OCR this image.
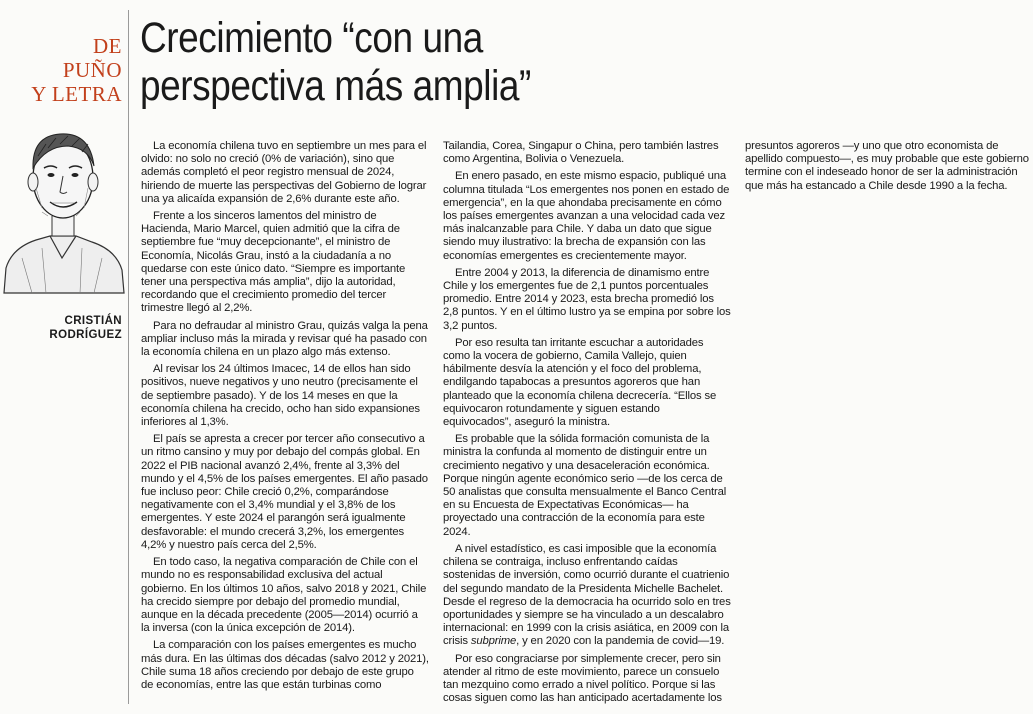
DE
PUÑO
Y LETRA
CRISTIÁN
RODRÍGUEZ
Crecimiento “con una
perspectiva más amplia”

La economía chilena tuvo en septiembre un mes para el olvido: no solo no creció (0% de variación), sino que además completó el peor registro mensual de 2024, hiriendo de muerte las perspectivas del Gobierno de lograr una ya alicaída expansión de 2,6% durante este año.

Frente a los sinceros lamentos del ministro de Hacienda, Mario Marcel, quien admitió que la cifra de septiembre fue “muy decepcionante”, el ministro de Economía, Nicolás Grau, instó a la ciudadanía a no quedarse con este único dato. “Siempre es importante tener una perspectiva más amplia”, dijo la autoridad, recordando que el crecimiento promedio del tercer trimestre llegó al 2,2%.

Para no defraudar al ministro Grau, quizás valga la pena ampliar incluso más la mirada y revisar qué ha pasado con la economía chilena en un plazo algo más extenso.

Al revisar los 24 últimos Imacec, 14 de ellos han sido positivos, nueve negativos y uno neutro (precisamente el de septiembre pasado). Y de los 14 meses en que la economía chilena ha crecido, ocho han sido expansiones inferiores al 1,3%.

El país se apresta a crecer por tercer año consecutivo a un ritmo cansino y muy por debajo del compás global. En 2022 el PIB nacional avanzó 2,4%, frente al 3,3% del mundo y el 4,5% de los países emergentes. El año pasado fue incluso peor: Chile creció 0,2%, comparándose negativamente con el 3,4% mundial y el 3,8% de los emergentes. Y este 2024 el parangón será igualmente desfavorable: el mundo crecerá 3,2%, los emergentes 4,2% y nuestro país cerca del 2,5%.

En todo caso, la negativa comparación de Chile con el mundo no es responsabilidad exclusiva del actual gobierno. En los últimos 10 años, salvo 2018 y 2021, Chile ha crecido siempre por debajo del promedio mundial, aunque en la década precedente (2005—2014) ocurrió a la inversa (con la única excepción de 2014).

La comparación con los países emergentes es mucho más dura. En las últimas dos décadas (salvo 2012 y 2021), Chile suma 18 años creciendo por debajo de este grupo de economías, entre las que están turbinas como Tailandia, Corea, Singapur o China, pero también lastres como Argentina, Bolivia o Venezuela.

En enero pasado, en este mismo espacio, publiqué una columna titulada “Los emergentes nos ponen en estado de emergencia”, en la que ahondaba precisamente en cómo los países emergentes avanzan a una velocidad cada vez más inalcanzable para Chile. Y daba un dato que sigue siendo muy ilustrativo: la brecha de expansión con las economías emergentes es crecientemente mayor.

Entre 2004 y 2013, la diferencia de dinamismo entre Chile y los emergentes fue de 2,1 puntos porcentuales promedio. Entre 2014 y 2023, esta brecha promedió los 2,8 puntos. Y en el último lustro ya se empina por sobre los 3,2 puntos.

Por eso resulta tan irritante escuchar a autoridades como la vocera de gobierno, Camila Vallejo, quien hábilmente desvía la atención y el foco del problema, endilgando tapabocas a presuntos agoreros que han planteado que la economía chilena decrecería. “Ellos se equivocaron rotundamente y siguen estando equivocados”, aseguró la ministra.

Es probable que la sólida formación comunista de la ministra la confunda al momento de distinguir entre un crecimiento negativo y una desaceleración económica. Porque ningún agente económico serio —de los cerca de 50 analistas que consulta mensualmente el Banco Central en su Encuesta de Expectativas Económicas— ha proyectado una contracción de la economía para este 2024.

A nivel estadístico, es casi imposible que la economía chilena se contraiga, incluso enfrentando caídas sostenidas de inversión, como ocurrió durante el cuatrienio del segundo mandato de la Presidenta Michelle Bachelet. Desde el regreso de la democracia ha ocurrido solo en tres oportunidades y siempre se ha vinculado a un descalabro internacional: en 1999 con la crisis asiática, en 2009 con la crisis subprime, y en 2020 con la pandemia de covid—19.

Por eso congraciarse por simplemente crecer, pero sin atender al ritmo de este movimiento, parece un consuelo tan mezquino como errado a nivel político. Porque si las cosas siguen como las han anticipado acertadamente los presuntos agoreros —y uno que otro economista de apellido compuesto—, es muy probable que este gobierno termine con el indeseado honor de ser la administración que más ha estancado a Chile desde 1990 a la fecha.
